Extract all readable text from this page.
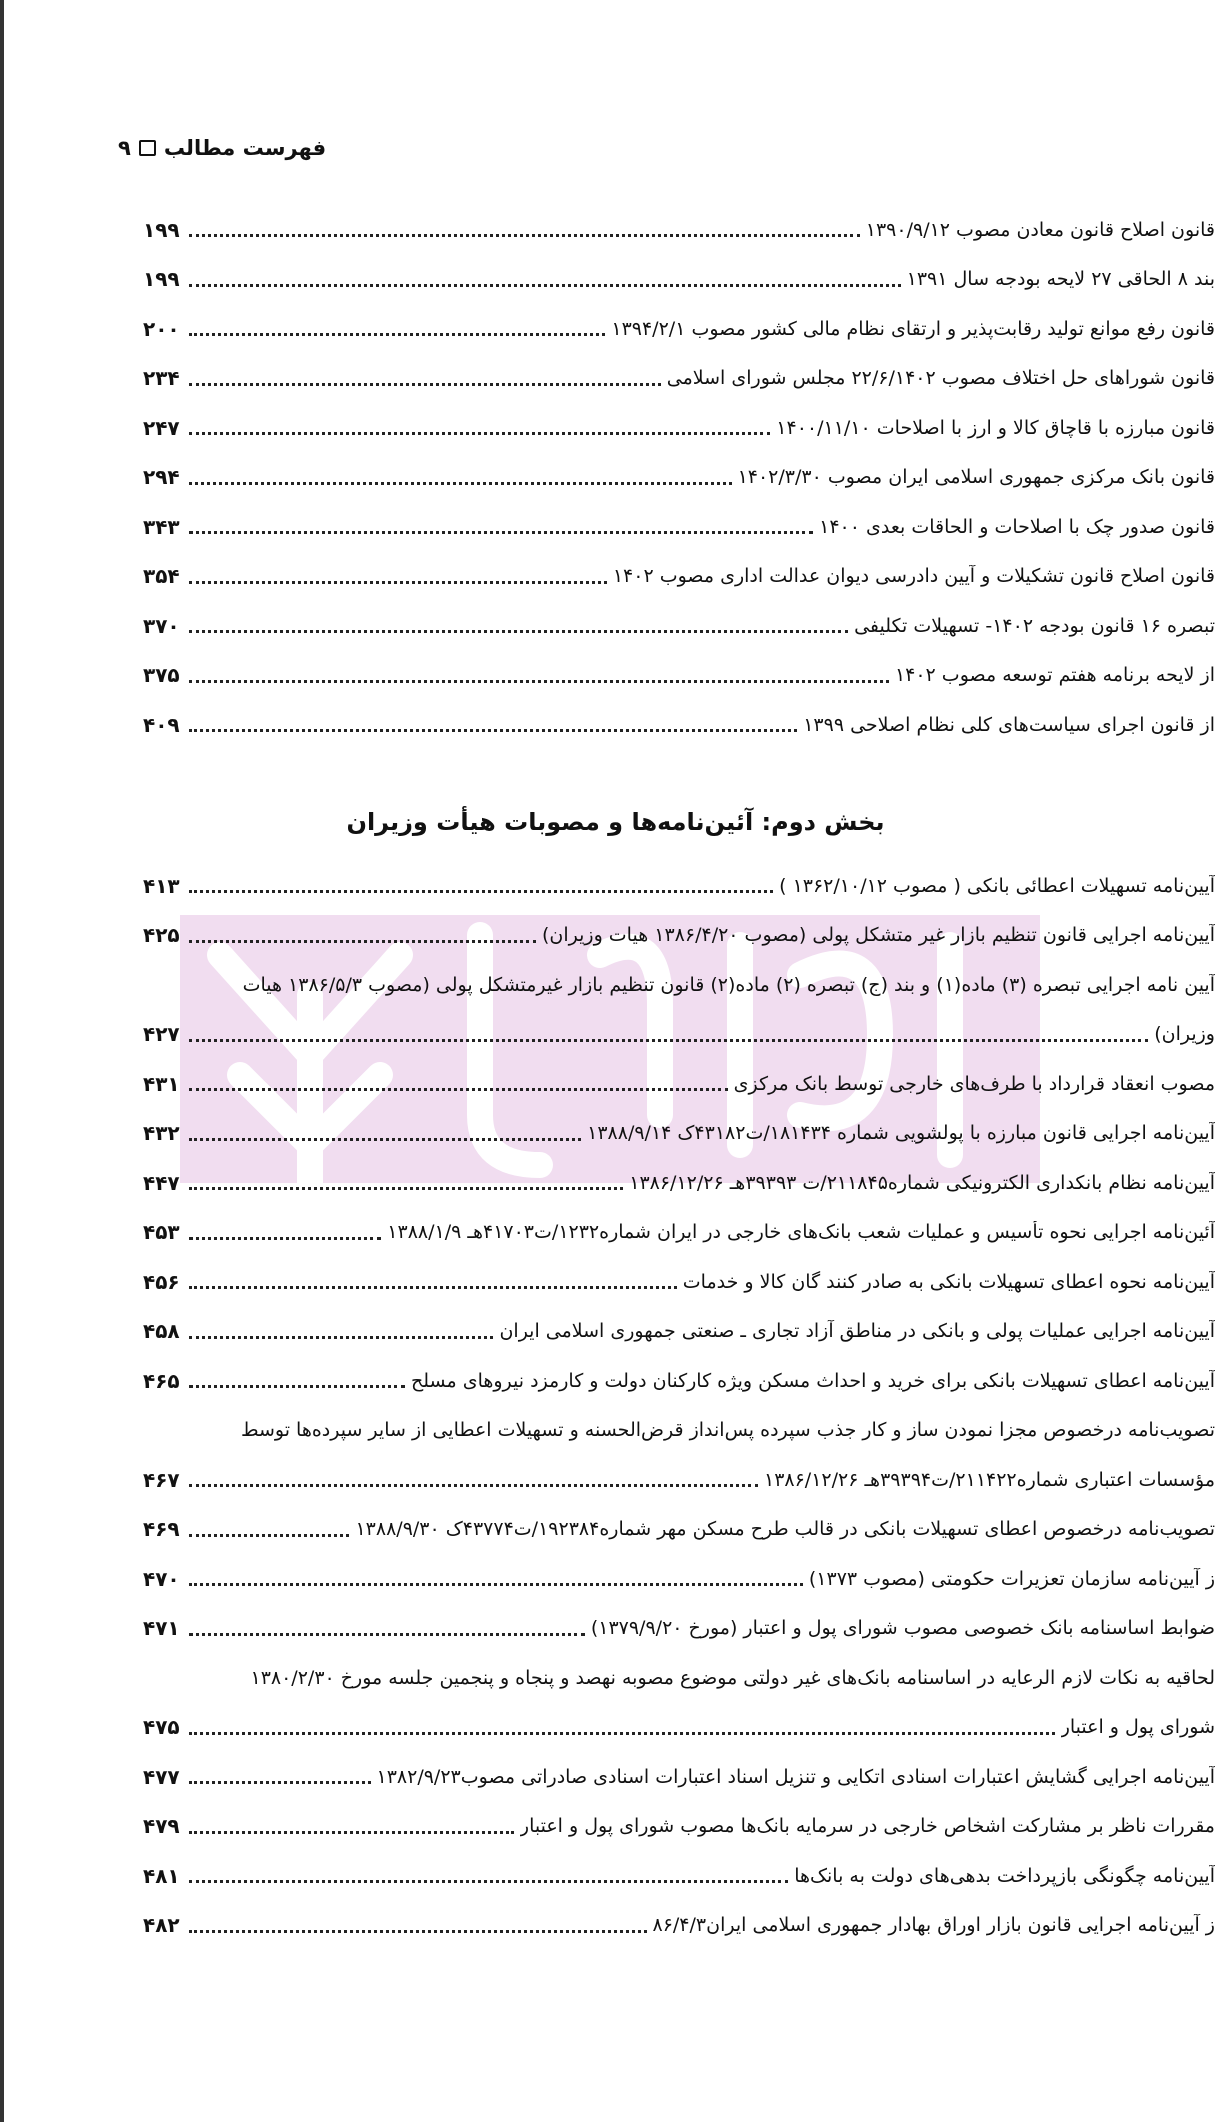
فهرست مطالب
۹
قانون اصلاح قانون معادن مصوب ۱۳۹۰/۹/۱۲
۱۹۹
بند ۸ الحاقی ۲۷ لایحه بودجه سال ۱۳۹۱
۱۹۹
قانون رفع موانع تولید رقابت‌پذیر و ارتقای نظام مالی کشور مصوب ۱۳۹۴/۲/۱
۲۰۰
قانون شوراهای حل اختلاف مصوب ۲۲/۶/۱۴۰۲ مجلس شورای اسلامی
۲۳۴
قانون مبارزه با قاچاق کالا و ارز با اصلاحات ۱۴۰۰/۱۱/۱۰
۲۴۷
قانون بانک مرکزی جمهوری اسلامی ایران مصوب ۱۴۰۲/۳/۳۰
۲۹۴
قانون صدور چک با اصلاحات و الحاقات بعدی ۱۴۰۰
۳۴۳
قانون اصلاح قانون تشکیلات و آیین دادرسی دیوان عدالت اداری مصوب ۱۴۰۲
۳۵۴
تبصره ۱۶ قانون بودجه ۱۴۰۲- تسهیلات تکلیفی
۳۷۰
از لایحه برنامه هفتم توسعه مصوب ۱۴۰۲
۳۷۵
از قانون اجرای سیاست‌های کلی نظام اصلاحی ۱۳۹۹
۴۰۹
بخش دوم: آئین‌نامه‌ها و مصوبات هیأت وزیران
آیین‌نامه تسهیلات اعطائی بانکی ( مصوب ۱۳۶۲/۱۰/۱۲ )
۴۱۳
آیین‌نامه اجرایی قانون تنظیم بازار غیر متشکل پولی (مصوب ۱۳۸۶/۴/۲۰ هیات وزیران)
۴۲۵
آیین نامه اجرایی تبصره (۳) ماده(۱) و بند (ج) تبصره (۲) ماده(۲) قانون تنظیم بازار غیرمتشکل پولی (مصوب ۱۳۸۶/۵/۳ هیات
وزیران)
۴۲۷
مصوب انعقاد قرارداد با طرف‌های خارجی توسط بانک مرکزی
۴۳۱
آیین‌نامه اجرایی قانون مبارزه با پولشویی شماره ۱۸۱۴۳۴/ت۴۳۱۸۲ک ۱۳۸۸/۹/۱۴
۴۳۲
آیین‌نامه نظام بانکداری الکترونیکی شماره۲۱۱۸۴۵/ت ۳۹۳۹۳هـ ۱۳۸۶/۱۲/۲۶
۴۴۷
آئین‌نامه اجرایی نحوه تأسیس و عملیات شعب بانک‌های خارجی در ایران شماره۱۲۳۲/ت۴۱۷۰۳هـ ۱۳۸۸/۱/۹
۴۵۳
آیین‌نامه نحوه اعطای تسهیلات بانکی به صادر کنند گان کالا و خدمات
۴۵۶
آیین‌نامه اجرایی عملیات پولی و بانکی در مناطق آزاد تجاری ـ صنعتی جمهوری اسلامی ایران
۴۵۸
آیین‌نامه اعطای تسهیلات بانکی برای خرید و احداث مسکن ویژه کارکنان دولت و کارمزد نیروهای مسلح
۴۶۵
تصویب‌نامه درخصوص مجزا نمودن ساز و کار جذب سپرده پس‌انداز قرض‌الحسنه و تسهیلات اعطایی از سایر سپرده‌ها توسط
مؤسسات اعتباری شماره۲۱۱۴۲۲/ت۳۹۳۹۴هـ ۱۳۸۶/۱۲/۲۶
۴۶۷
تصویب‌نامه درخصوص اعطای تسهیلات بانکی در قالب طرح مسکن مهر شماره۱۹۲۳۸۴/ت۴۳۷۷۴ک ۱۳۸۸/۹/۳۰
۴۶۹
ز آیین‌نامه سازمان تعزیرات حکومتی (مصوب ۱۳۷۳)
۴۷۰
ضوابط اساسنامه بانک خصوصی مصوب شورای پول و اعتبار (مورخ ۱۳۷۹/۹/۲۰)
۴۷۱
لحاقیه به نکات لازم الرعایه در اساسنامه بانک‌های غیر دولتی موضوع مصوبه نهصد و پنجاه و پنجمین جلسه مورخ ۱۳۸۰/۲/۳۰
شورای پول و اعتبار
۴۷۵
آیین‌نامه اجرایی گشایش اعتبارات اسنادی اتکایی و تنزیل اسناد اعتبارات اسنادی صادراتی مصوب۱۳۸۲/۹/۲۳
۴۷۷
مقررات ناظر بر مشارکت اشخاص خارجی در سرمایه بانک‌ها مصوب شورای پول و اعتبار
۴۷۹
آیین‌نامه چگونگی بازپرداخت بدهی‌های دولت به بانک‌ها
۴۸۱
ز آیین‌نامه اجرایی قانون بازار اوراق بهادار جمهوری اسلامی ایران۸۶/۴/۳
۴۸۲
